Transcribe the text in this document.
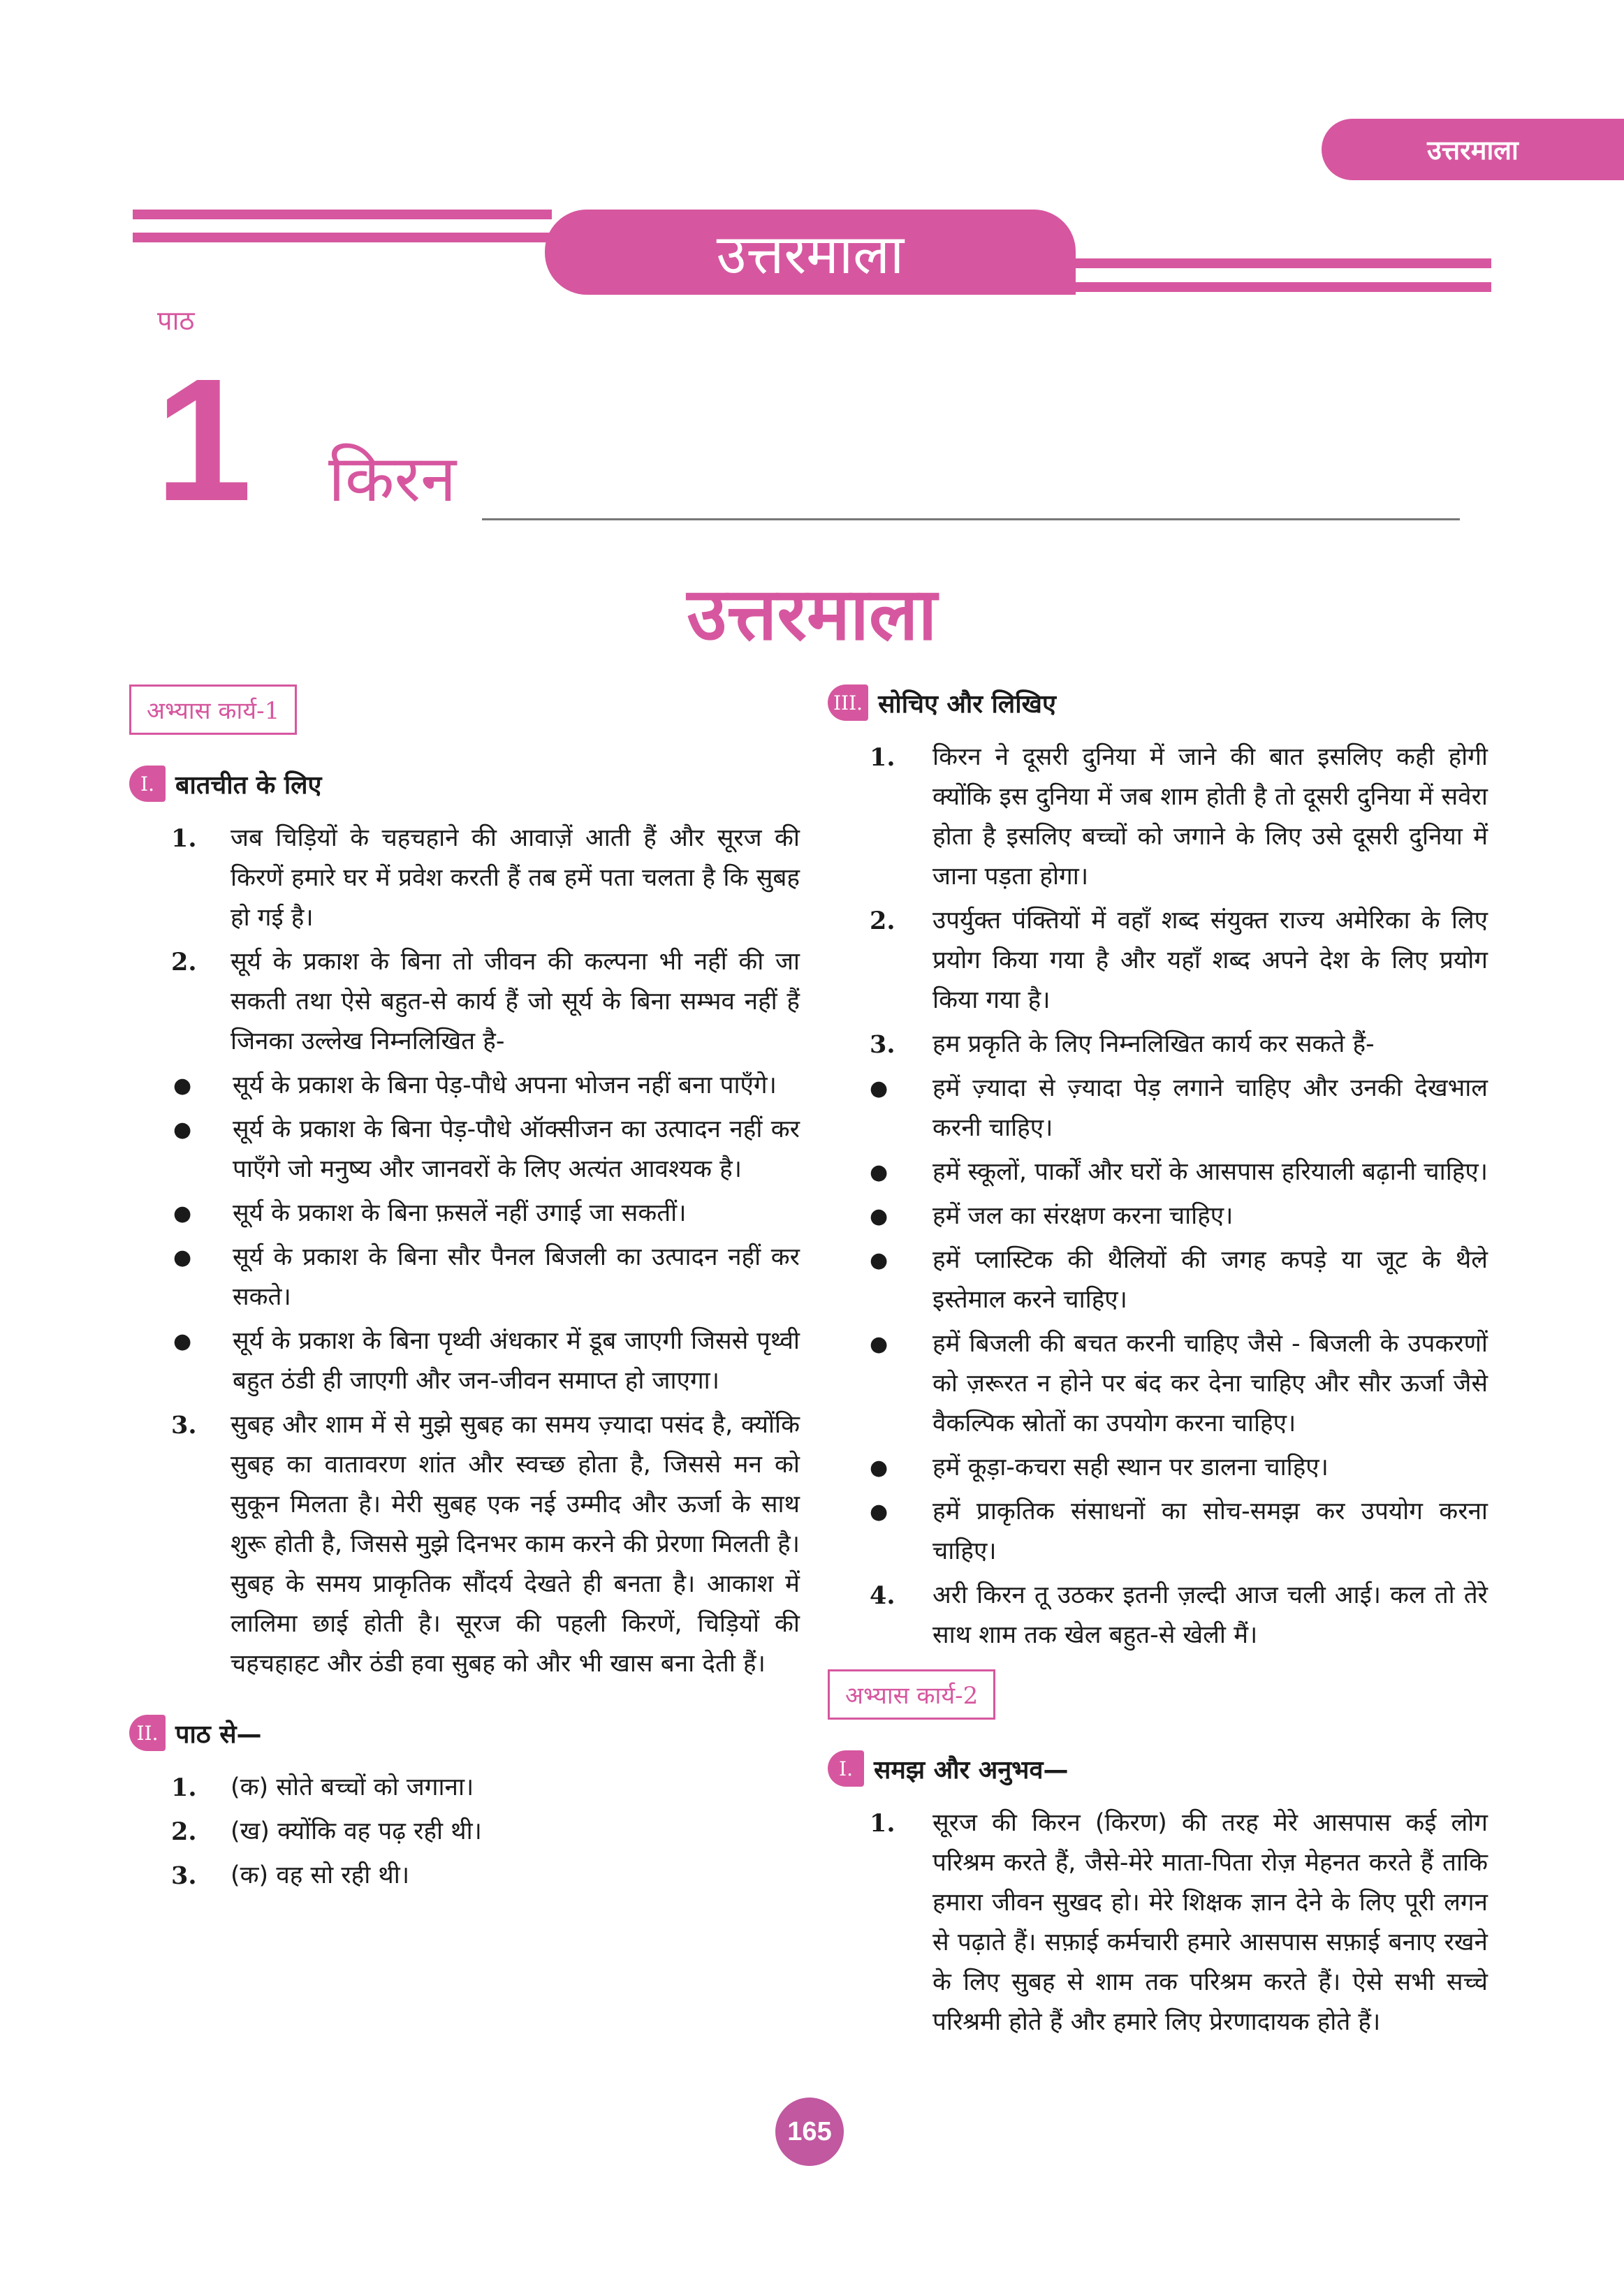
उत्तरमाला
उत्तरमाला
पाठ
1 किरन
उत्तरमाला
अभ्यास कार्य-1
I. बातचीत के लिए
1.	जब चिड़ियों के चहचहाने की आवाज़ें आती हैं और सूरज की किरणें हमारे घर में प्रवेश करती हैं तब हमें पता चलता है कि सुबह हो गई है।
2.	सूर्य के प्रकाश के बिना तो जीवन की कल्पना भी नहीं की जा सकती तथा ऐसे बहुत-से कार्य हैं जो सूर्य के बिना सम्भव नहीं हैं जिनका उल्लेख निम्नलिखित है-
●	सूर्य के प्रकाश के बिना पेड़-पौधे अपना भोजन नहीं बना पाएँगे।
●	सूर्य के प्रकाश के बिना पेड़-पौधे ऑक्सीजन का उत्पादन नहीं कर पाएँगे जो मनुष्य और जानवरों के लिए अत्यंत आवश्यक है।
●	सूर्य के प्रकाश के बिना फ़सलें नहीं उगाई जा सकतीं।
●	सूर्य के प्रकाश के बिना सौर पैनल बिजली का उत्पादन नहीं कर सकते।
●	सूर्य के प्रकाश के बिना पृथ्वी अंधकार में डूब जाएगी जिससे पृथ्वी बहुत ठंडी ही जाएगी और जन-जीवन समाप्त हो जाएगा।
3.	सुबह और शाम में से मुझे सुबह का समय ज़्यादा पसंद है, क्योंकि सुबह का वातावरण शांत और स्वच्छ होता है, जिससे मन को सुकून मिलता है। मेरी सुबह एक नई उम्मीद और ऊर्जा के साथ शुरू होती है, जिससे मुझे दिनभर काम करने की प्रेरणा मिलती है। सुबह के समय प्राकृतिक सौंदर्य देखते ही बनता है। आकाश में लालिमा छाई होती है। सूरज की पहली किरणें, चिड़ियों की चहचहाहट और ठंडी हवा सुबह को और भी खास बना देती हैं।
II. पाठ से—
1.	(क) सोते बच्चों को जगाना।
2.	(ख) क्योंकि वह पढ़ रही थी।
3.	(क) वह सो रही थी।
III. सोचिए और लिखिए
1.	किरन ने दूसरी दुनिया में जाने की बात इसलिए कही होगी क्योंकि इस दुनिया में जब शाम होती है तो दूसरी दुनिया में सवेरा होता है इसलिए बच्चों को जगाने के लिए उसे दूसरी दुनिया में जाना पड़ता होगा।
2.	उपर्युक्त पंक्तियों में वहाँ शब्द संयुक्त राज्य अमेरिका के लिए प्रयोग किया गया है और यहाँ शब्द अपने देश के लिए प्रयोग किया गया है।
3.	हम प्रकृति के लिए निम्नलिखित कार्य कर सकते हैं-
●	हमें ज़्यादा से ज़्यादा पेड़ लगाने चाहिए और उनकी देखभाल करनी चाहिए।
●	हमें स्कूलों, पार्कों और घरों के आसपास हरियाली बढ़ानी चाहिए।
●	हमें जल का संरक्षण करना चाहिए।
●	हमें प्लास्टिक की थैलियों की जगह कपड़े या जूट के थैले इस्तेमाल करने चाहिए।
●	हमें बिजली की बचत करनी चाहिए जैसे - बिजली के उपकरणों को ज़रूरत न होने पर बंद कर देना चाहिए और सौर ऊर्जा जैसे वैकल्पिक स्रोतों का उपयोग करना चाहिए।
●	हमें कूड़ा-कचरा सही स्थान पर डालना चाहिए।
●	हमें प्राकृतिक संसाधनों का सोच-समझ कर उपयोग करना चाहिए।
4.	अरी किरन तू उठकर इतनी ज़ल्दी आज चली आई। कल तो तेरे साथ शाम तक खेल बहुत-से खेली मैं।
अभ्यास कार्य-2
I. समझ और अनुभव—
1.	सूरज की किरन (किरण) की तरह मेरे आसपास कई लोग परिश्रम करते हैं, जैसे-मेरे माता-पिता रोज़ मेहनत करते हैं ताकि हमारा जीवन सुखद हो। मेरे शिक्षक ज्ञान देने के लिए पूरी लगन से पढ़ाते हैं। सफ़ाई कर्मचारी हमारे आसपास सफ़ाई बनाए रखने के लिए सुबह से शाम तक परिश्रम करते हैं। ऐसे सभी सच्चे परिश्रमी होते हैं और हमारे लिए प्रेरणादायक होते हैं।
165
